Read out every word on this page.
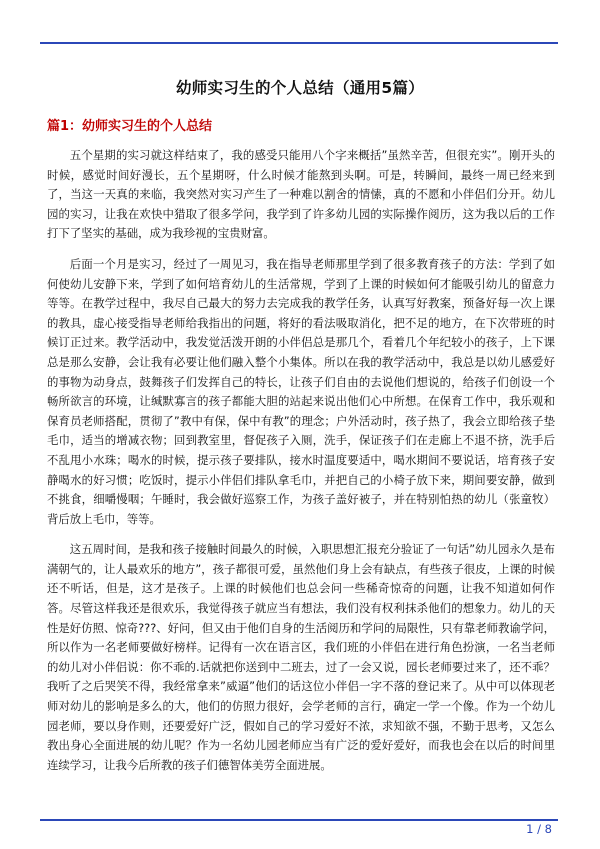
幼师实习生的个人总结（通用5篇）
篇1：幼师实习生的个人总结

五个星期的实习就这样结束了，我的感受只能用八个字来概括”虽然辛苦，但很充实”。刚开头的时候，感觉时间好漫长，五个星期呀，什么时候才能熬到头啊。可是，转瞬间，最终一周已经来到了，当这一天真的来临，我突然对实习产生了一种难以割舍的情愫，真的不愿和小伴侣们分开。幼儿园的实习，让我在欢快中猎取了很多学问，我学到了许多幼儿园的实际操作阅历，这为我以后的工作打下了坚实的基础，成为我珍视的宝贵财富。

后面一个月是实习，经过了一周见习，我在指导老师那里学到了很多教育孩子的方法：学到了如何使幼儿安静下来，学到了如何培育幼儿的生活常规，学到了上课的时候如何才能吸引幼儿的留意力等等。在教学过程中，我尽自己最大的努力去完成我的教学任务，认真写好教案，预备好每一次上课的教具，虚心接受指导老师给我指出的问题，将好的看法吸取消化，把不足的地方，在下次带班的时候订正过来。教学活动中，我发觉活泼开朗的小伴侣总是那几个，看着几个年纪较小的孩子，上下课总是那么安静，会让我有必要让他们融入整个小集体。所以在我的教学活动中，我总是以幼儿感爱好的事物为动身点，鼓舞孩子们发挥自己的特长，让孩子们自由的去说他们想说的，给孩子们创设一个畅所欲言的环境，让缄默寡言的孩子都能大胆的站起来说出他们心中所想。在保育工作中，我乐观和保育员老师搭配，贯彻了”教中有保，保中有教”的理念；户外活动时，孩子热了，我会立即给孩子垫毛巾，适当的增减衣物；回到教室里，督促孩子入厕，洗手，保证孩子们在走廊上不退不挤，洗手后不乱甩小水珠；喝水的时候，提示孩子要排队，接水时温度要适中，喝水期间不要说话，培育孩子安静喝水的好习惯；吃饭时，提示小伴侣们排队拿毛巾，并把自己的小椅子放下来，期间要安静，做到不挑食，细嚼慢咽；午睡时，我会做好巡察工作，为孩子盖好被子，并在特别怕热的幼儿（张童牧）背后放上毛巾，等等。

这五周时间，是我和孩子接触时间最久的时候，入职思想汇报充分验证了一句话”幼儿园永久是布满朝气的，让人最欢乐的地方”，孩子都很可爱，虽然他们身上会有缺点，有些孩子很皮，上课的时候还不听话，但是，这才是孩子。上课的时候他们也总会问一些稀奇惊奇的问题，让我不知道如何作答。尽管这样我还是很欢乐，我觉得孩子就应当有想法，我们没有权利抹杀他们的想象力。幼儿的天性是好仿照、惊奇???、好问，但又由于他们自身的生活阅历和学问的局限性，只有靠老师教谕学问，所以作为一名老师要做好榜样。记得有一次在语言区，我们班的小伴侣在进行角色扮演，一名当老师的幼儿对小伴侣说：你不乖的.话就把你送到中二班去，过了一会又说，园长老师要过来了，还不乖？我听了之后哭笑不得，我经常拿来”威逼”他们的话这位小伴侣一字不落的登记来了。从中可以体现老师对幼儿的影响是多么的大，他们的仿照力很好，会学老师的言行，确定一学一个像。作为一个幼儿园老师，要以身作则，还要爱好广泛，假如自己的学习爱好不浓，求知欲不强，不勤于思考，又怎么教出身心全面进展的幼儿呢？作为一名幼儿园老师应当有广泛的爱好爱好，而我也会在以后的时间里连续学习，让我今后所教的孩子们德智体美劳全面进展。

1 / 8
